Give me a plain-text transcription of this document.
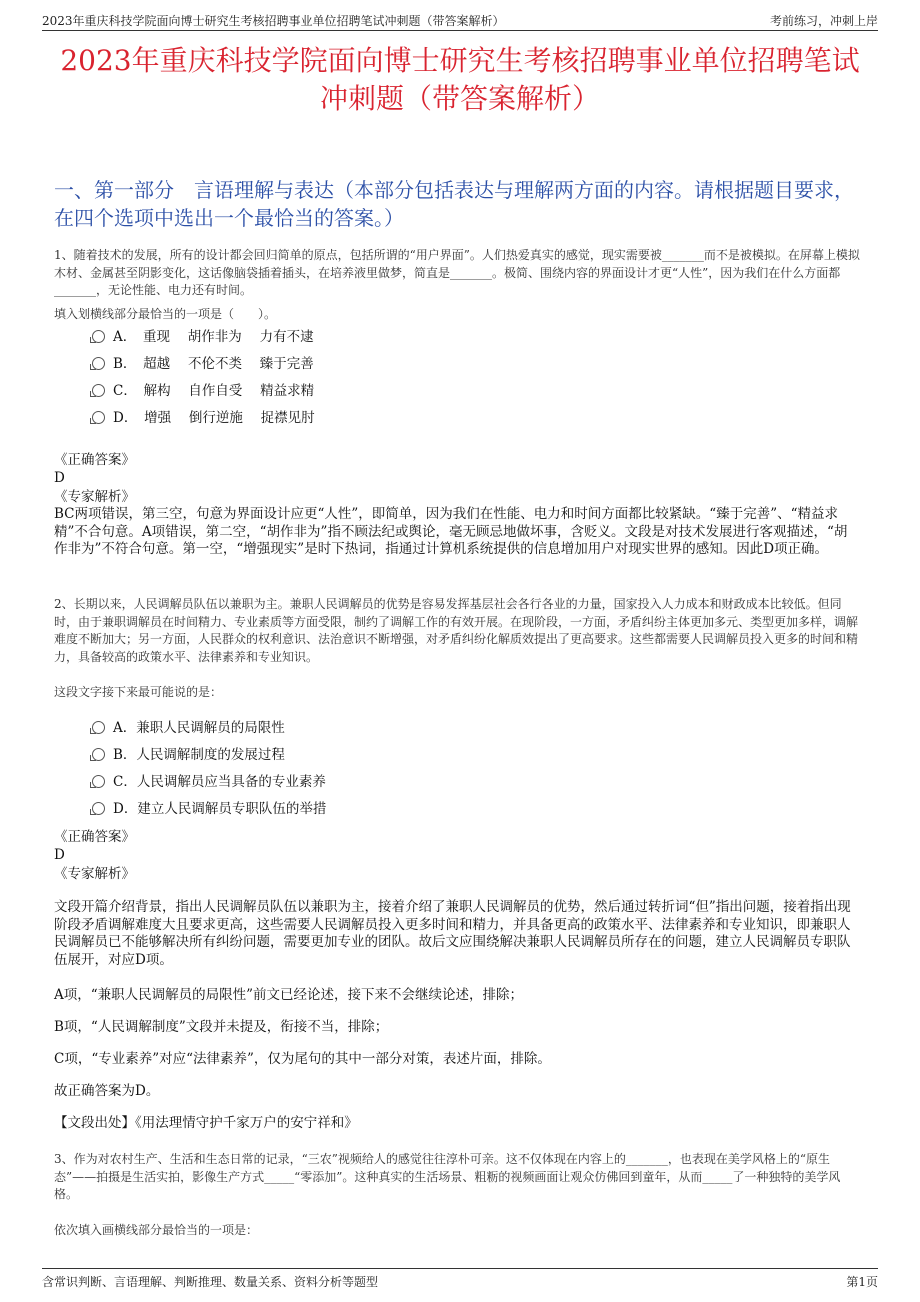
2023年重庆科技学院面向博士研究生考核招聘事业单位招聘笔试冲刺题（带答案解析）	考前练习，冲刺上岸
2023年重庆科技学院面向博士研究生考核招聘事业单位招聘笔试冲刺题（带答案解析）
一、第一部分　言语理解与表达（本部分包括表达与理解两方面的内容。请根据题目要求，在四个选项中选出一个最恰当的答案。）
1、随着技术的发展，所有的设计都会回归简单的原点，包括所谓的“用户界面”。人们热爱真实的感觉，现实需要被_______而不是被模拟。在屏幕上模拟木材、金属甚至阴影变化，这话像脑袋插着插头，在培养液里做梦，简直是_______。极简、围绕内容的界面设计才更“人性”，因为我们在什么方面都_______，无论性能、电力还有时间。
填入划横线部分最恰当的一项是（　　）。
A．　重现　 胡作非为　 力有不逮
B．　超越　 不伦不类　 臻于完善
C．　解构　 自作自受　 精益求精
D．　增强　 倒行逆施　 捉襟见肘
《正确答案》
D
《专家解析》
BC两项错误，第三空，句意为界面设计应更“人性”，即简单，因为我们在性能、电力和时间方面都比较紧缺。“臻于完善”、“精益求精”不合句意。A项错误，第二空，“胡作非为”指不顾法纪或舆论，毫无顾忌地做坏事，含贬义。文段是对技术发展进行客观描述，“胡作非为”不符合句意。第一空，“增强现实”是时下热词，指通过计算机系统提供的信息增加用户对现实世界的感知。因此D项正确。
2、长期以来，人民调解员队伍以兼职为主。兼职人民调解员的优势是容易发挥基层社会各行各业的力量，国家投入人力成本和财政成本比较低。但同时，由于兼职调解员在时间精力、专业素质等方面受限，制约了调解工作的有效开展。在现阶段，一方面，矛盾纠纷主体更加多元、类型更加多样，调解难度不断加大；另一方面，人民群众的权利意识、法治意识不断增强，对矛盾纠纷化解质效提出了更高要求。这些都需要人民调解员投入更多的时间和精力，具备较高的政策水平、法律素养和专业知识。
这段文字接下来最可能说的是：
A．兼职人民调解员的局限性
B．人民调解制度的发展过程
C．人民调解员应当具备的专业素养
D．建立人民调解员专职队伍的举措
《正确答案》
D
《专家解析》
文段开篇介绍背景，指出人民调解员队伍以兼职为主，接着介绍了兼职人民调解员的优势，然后通过转折词“但”指出问题，接着指出现阶段矛盾调解难度大且要求更高，这些需要人民调解员投入更多时间和精力，并具备更高的政策水平、法律素养和专业知识，即兼职人民调解员已不能够解决所有纠纷问题，需要更加专业的团队。故后文应围绕解决兼职人民调解员所存在的问题，建立人民调解员专职队伍展开，对应D项。
A项，“兼职人民调解员的局限性”前文已经论述，接下来不会继续论述，排除；
B项，“人民调解制度”文段并未提及，衔接不当，排除；
C项，“专业素养”对应“法律素养”，仅为尾句的其中一部分对策，表述片面，排除。
故正确答案为D。
【文段出处】《用法理情守护千家万户的安宁祥和》
3、作为对农村生产、生活和生态日常的记录，“三农”视频给人的感觉往往淳朴可亲。这不仅体现在内容上的_______，也表现在美学风格上的“原生态”——拍摄是生活实拍，影像生产方式_____“零添加”。这种真实的生活场景、粗粝的视频画面让观众仿佛回到童年，从而_____了一种独特的美学风格。
依次填入画横线部分最恰当的一项是：
含常识判断、言语理解、判断推理、数量关系、资料分析等题型	第1页
